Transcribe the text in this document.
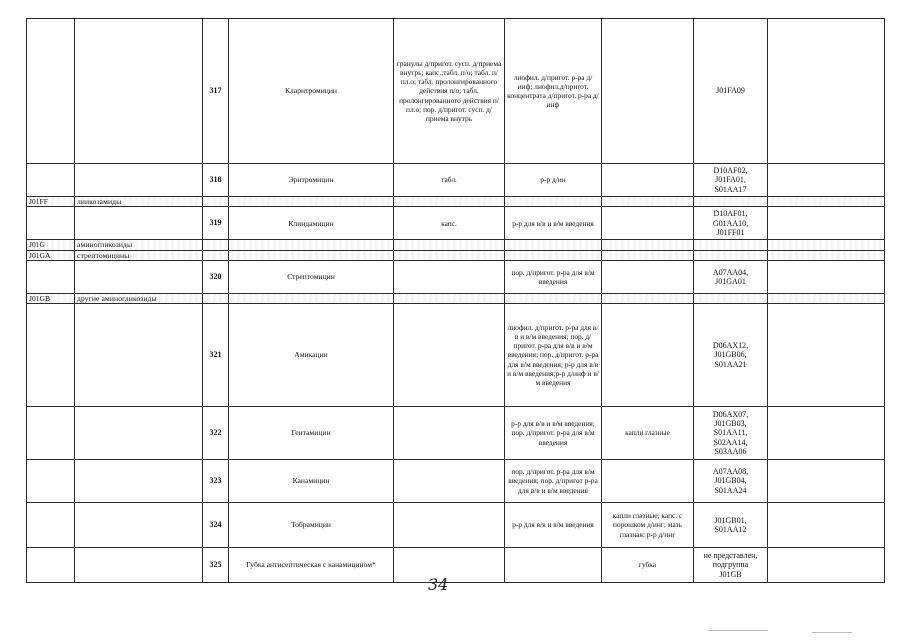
		317	Кларитромицин	гранулы д/пригот. сусп. д/приема внутрь; капс.;табл. п/о; табл. п/пл.о; табл. пролонгированного действия п/о; табл. пролонгированного действия п/пл.о; пор. д/пригот. сусп. д/приема внутрь	лиофил. д/пригот. р-ра д/инф; лиофил.д/пригот. концентрата д/пригот. р-ра д/инф		J01FA09	

		318	Эритромицин	табл.	р-р д/ин		D10AF02,
J01FA01,
S01AA17	

J01FF	линкозамиды							
		319	Клиндамицин	капс.	р-р для в/в и в/м введения		D10AF01,
G01AA10,
J01FF01	

J01G	аминогликозиды							
J01GA	стрептомицины							
		320	Стрептомицин		пор. д/пригот. р-ра для в/м введения		A07AA04,
J01GA01	

J01GB	другие аминогликозиды							
		321	Амикацин		лиофил. д/пригот. р-ра для в/в и в/м введения; пор. д/пригот. р-ра для в/в и в/м введения; пор. д/пригот. р-ра для в/м введения; р-р для в/в и в/м введения;р-р д/инф и в/м введения		D06AX12,
J01GB06,
S01AA21	

		322	Гентамицин		р-р для в/в и в/м введения; пор. д/пригот. р-ра для в/м введения	капли глазные	D06AX07,
J01GB03,
S01AA11,
S02AA14,
S03AA06	

		323	Канамицин		пор. д/пригот. р-ра для в/м введения; пор. д/пригот р-ра для в/в и в/м введения		A07AA08,
J01GB04,
S01AA24	

		324	Тобрамицин		р-р для в/в и в/м введения	капли глазные; капс. с порошком д/инг; мазь глазная; р-р д/инг	J01GB01,
S01AA12	

		325	Губка антисептическая с канамицином*			губка	не представлен,
подгруппа
J01GB	

34
